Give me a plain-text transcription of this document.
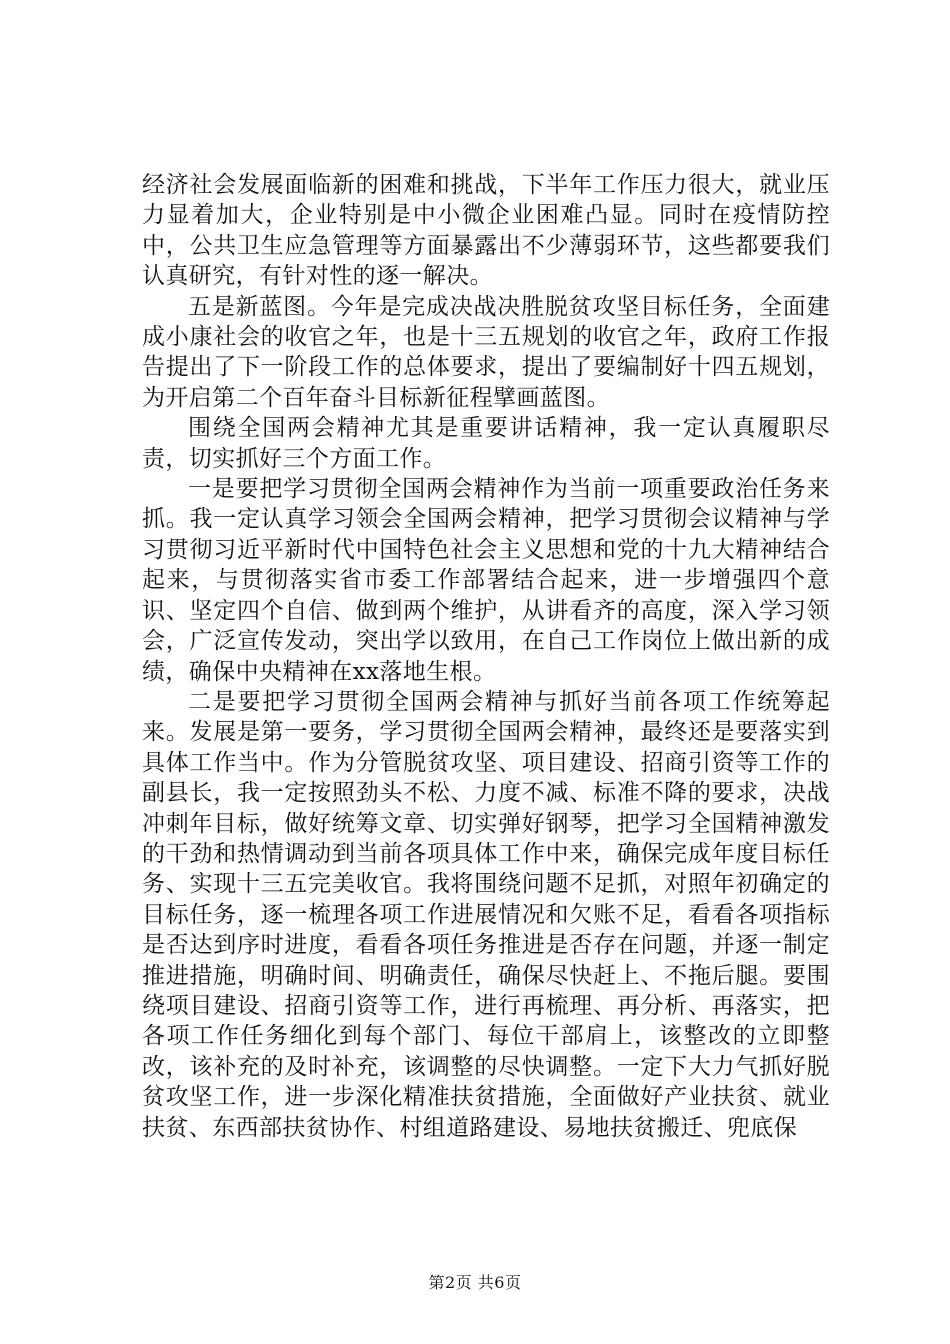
经济社会发展面临新的困难和挑战，下半年工作压力很大，就业压力显着加大，企业特别是中小微企业困难凸显。同时在疫情防控中，公共卫生应急管理等方面暴露出不少薄弱环节，这些都要我们认真研究，有针对性的逐一解决。

五是新蓝图。今年是完成决战决胜脱贫攻坚目标任务，全面建成小康社会的收官之年，也是十三五规划的收官之年，政府工作报告提出了下一阶段工作的总体要求，提出了要编制好十四五规划，为开启第二个百年奋斗目标新征程擘画蓝图。

围绕全国两会精神尤其是重要讲话精神，我一定认真履职尽责，切实抓好三个方面工作。

一是要把学习贯彻全国两会精神作为当前一项重要政治任务来抓。我一定认真学习领会全国两会精神，把学习贯彻会议精神与学习贯彻习近平新时代中国特色社会主义思想和党的十九大精神结合起来，与贯彻落实省市委工作部署结合起来，进一步增强四个意识、坚定四个自信、做到两个维护，从讲看齐的高度，深入学习领会，广泛宣传发动，突出学以致用，在自己工作岗位上做出新的成绩，确保中央精神在xx落地生根。

二是要把学习贯彻全国两会精神与抓好当前各项工作统筹起来。发展是第一要务，学习贯彻全国两会精神，最终还是要落实到具体工作当中。作为分管脱贫攻坚、项目建设、招商引资等工作的副县长，我一定按照劲头不松、力度不减、标准不降的要求，决战冲刺年目标，做好统筹文章、切实弹好钢琴，把学习全国精神激发的干劲和热情调动到当前各项具体工作中来，确保完成年度目标任务、实现十三五完美收官。我将围绕问题不足抓，对照年初确定的目标任务，逐一梳理各项工作进展情况和欠账不足，看看各项指标是否达到序时进度，看看各项任务推进是否存在问题，并逐一制定推进措施，明确时间、明确责任，确保尽快赶上、不拖后腿。要围绕项目建设、招商引资等工作，进行再梳理、再分析、再落实，把各项工作任务细化到每个部门、每位干部肩上，该整改的立即整改，该补充的及时补充，该调整的尽快调整。一定下大力气抓好脱贫攻坚工作，进一步深化精准扶贫措施，全面做好产业扶贫、就业扶贫、东西部扶贫协作、村组道路建设、易地扶贫搬迁、兜底保

第2页 共6页
